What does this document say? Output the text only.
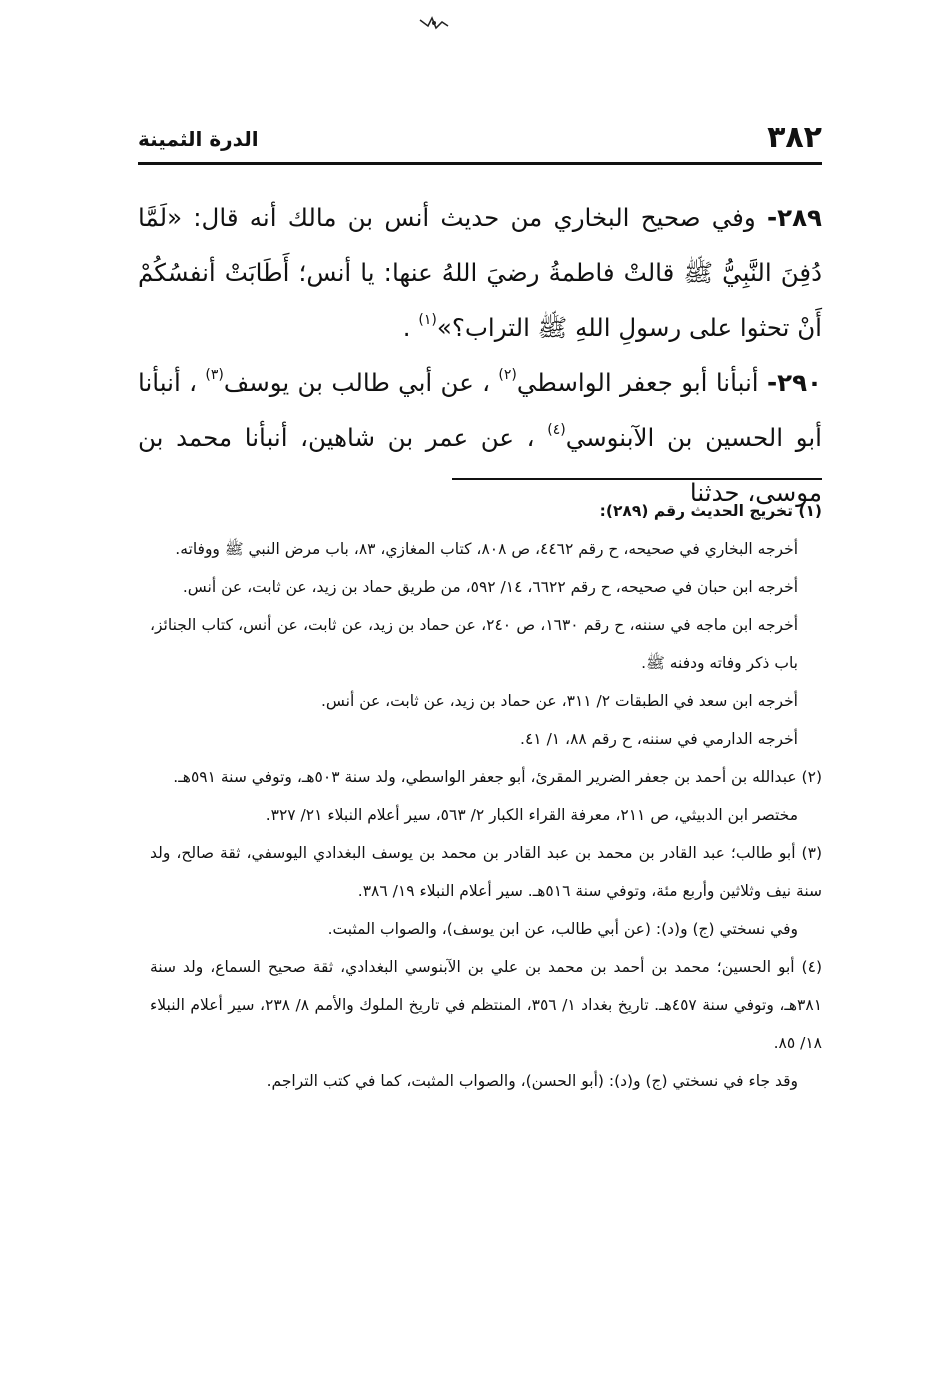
٣٨٢
الدرة الثمينة

٢٨٩- وفي صحيح البخاري من حديث أنس بن مالك أنه قال: «لَمَّا دُفِنَ النَّبِيُّ ﷺ قالتْ فاطمةُ رضيَ اللهُ عنها: يا أنس؛ أَطَابَتْ أنفسُكُمْ أَنْ تحثوا على رسولِ اللهِ ﷺ التراب؟»$^{(١)}$ .

٢٩٠- أنبأنا أبو جعفر الواسطي$^{(٢)}$ ، عن أبي طالب بن يوسف$^{(٣)}$ ، أنبأنا أبو الحسين بن الآبنوسي$^{(٤)}$ ، عن عمر بن شاهين، أنبأنا محمد بن موسى، حدثنا

(١) تخريج الحديث رقم (٢٨٩):

أخرجه البخاري في صحيحه، ح رقم ٤٤٦٢، ص ٨٠٨، كتاب المغازي، ٨٣، باب مرض النبي ﷺ ووفاته.

أخرجه ابن حبان في صحيحه، ح رقم ٦٦٢٢، ١٤/ ٥٩٢، من طريق حماد بن زيد، عن ثابت، عن أنس.

أخرجه ابن ماجه في سننه، ح رقم ١٦٣٠، ص ٢٤٠، عن حماد بن زيد، عن ثابت، عن أنس، كتاب الجنائز، باب ذكر وفاته ودفنه ﷺ.

أخرجه ابن سعد في الطبقات ٢/ ٣١١، عن حماد بن زيد، عن ثابت، عن أنس.

أخرجه الدارمي في سننه، ح رقم ٨٨، ١/ ٤١.

(٢) عبدالله بن أحمد بن جعفر الضرير المقرئ، أبو جعفر الواسطي، ولد سنة ٥٠٣هـ، وتوفي سنة ٥٩١هـ.

مختصر ابن الدبيثي، ص ٢١١، معرفة القراء الكبار ٢/ ٥٦٣، سير أعلام النبلاء ٢١/ ٣٢٧.

(٣) أبو طالب؛ عبد القادر بن محمد بن عبد القادر بن محمد بن يوسف البغدادي اليوسفي، ثقة صالح، ولد سنة نيف وثلاثين وأربع مئة، وتوفي سنة ٥١٦هـ. سير أعلام النبلاء ١٩/ ٣٨٦.

وفي نسختي (ج) و(د): (عن أبي طالب، عن ابن يوسف)، والصواب المثبت.

(٤) أبو الحسين؛ محمد بن أحمد بن محمد بن علي بن الآبنوسي البغدادي، ثقة صحيح السماع، ولد سنة ٣٨١هـ، وتوفي سنة ٤٥٧هـ. تاريخ بغداد ١/ ٣٥٦، المنتظم في تاريخ الملوك والأمم ٨/ ٢٣٨، سير أعلام النبلاء ١٨/ ٨٥.

وقد جاء في نسختي (ج) و(د): (أبو الحسن)، والصواب المثبت، كما في كتب التراجم.
